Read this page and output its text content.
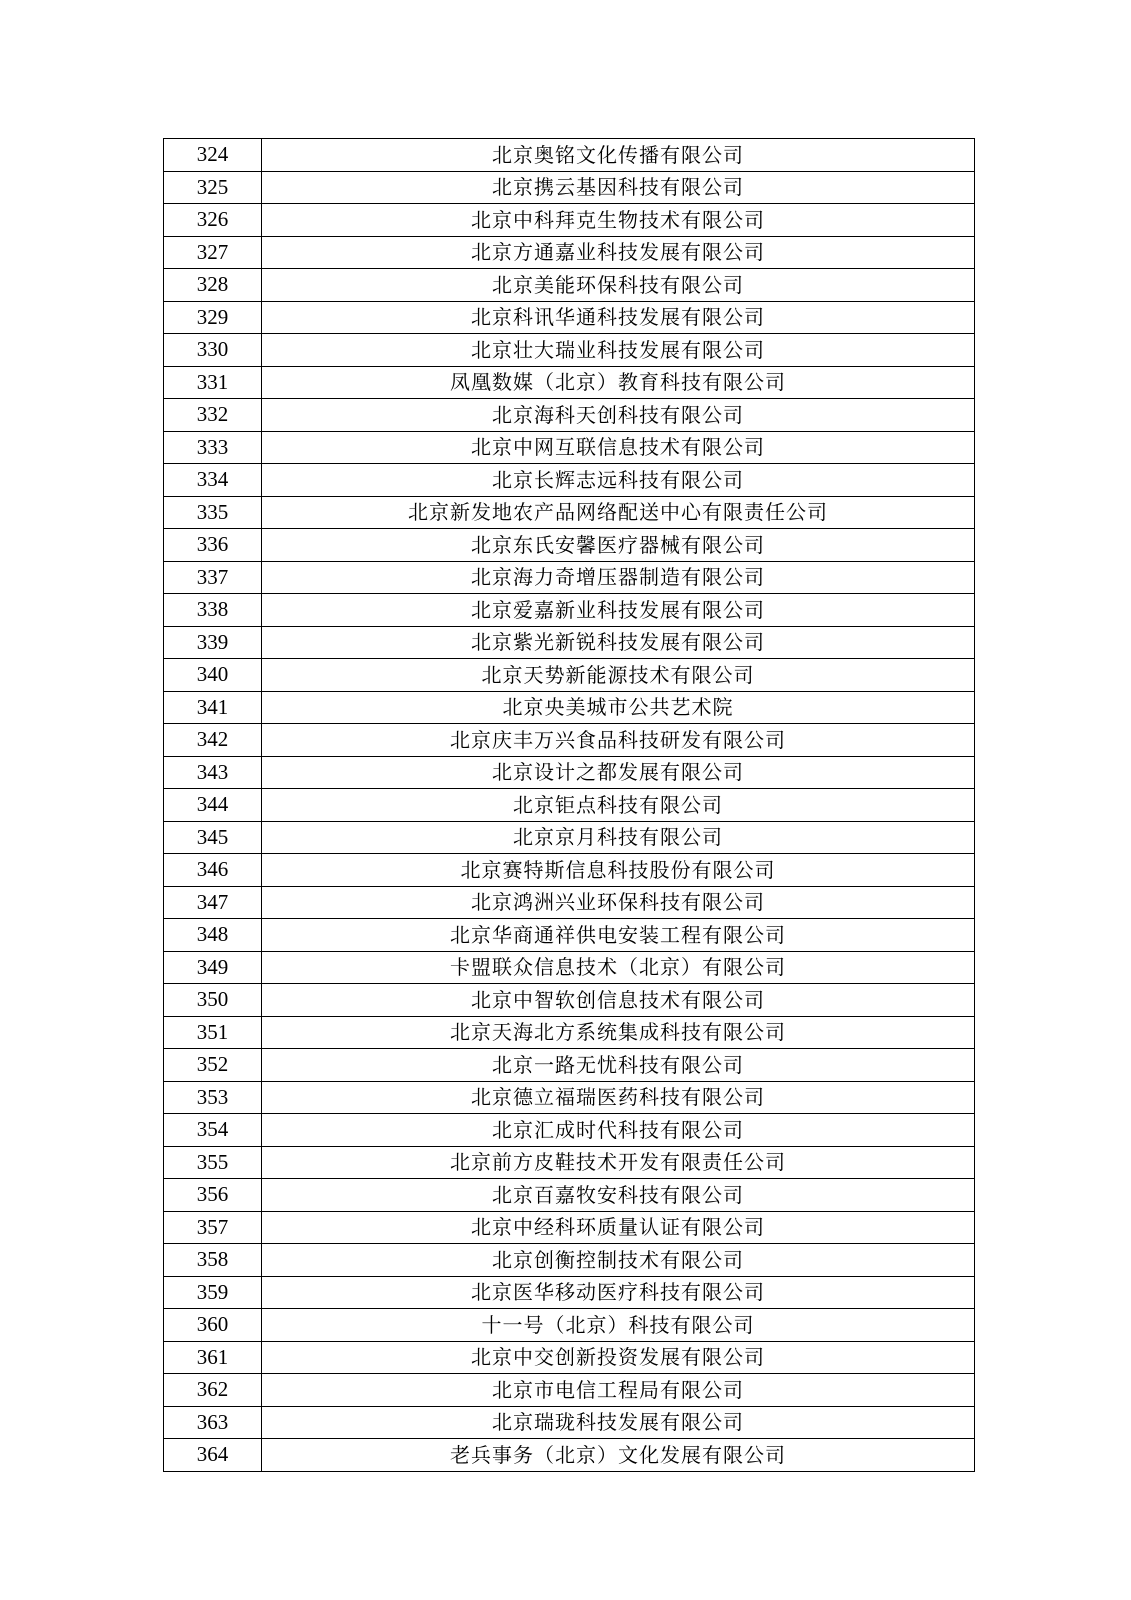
324	北京奥铭文化传播有限公司
325	北京携云基因科技有限公司
326	北京中科拜克生物技术有限公司
327	北京方通嘉业科技发展有限公司
328	北京美能环保科技有限公司
329	北京科讯华通科技发展有限公司
330	北京壮大瑞业科技发展有限公司
331	凤凰数媒（北京）教育科技有限公司
332	北京海科天创科技有限公司
333	北京中网互联信息技术有限公司
334	北京长辉志远科技有限公司
335	北京新发地农产品网络配送中心有限责任公司
336	北京东氏安馨医疗器械有限公司
337	北京海力奇增压器制造有限公司
338	北京爱嘉新业科技发展有限公司
339	北京紫光新锐科技发展有限公司
340	北京天势新能源技术有限公司
341	北京央美城市公共艺术院
342	北京庆丰万兴食品科技研发有限公司
343	北京设计之都发展有限公司
344	北京钜点科技有限公司
345	北京京月科技有限公司
346	北京赛特斯信息科技股份有限公司
347	北京鸿洲兴业环保科技有限公司
348	北京华商通祥供电安装工程有限公司
349	卡盟联众信息技术（北京）有限公司
350	北京中智软创信息技术有限公司
351	北京天海北方系统集成科技有限公司
352	北京一路无忧科技有限公司
353	北京德立福瑞医药科技有限公司
354	北京汇成时代科技有限公司
355	北京前方皮鞋技术开发有限责任公司
356	北京百嘉牧安科技有限公司
357	北京中经科环质量认证有限公司
358	北京创衡控制技术有限公司
359	北京医华移动医疗科技有限公司
360	十一号（北京）科技有限公司
361	北京中交创新投资发展有限公司
362	北京市电信工程局有限公司
363	北京瑞珑科技发展有限公司
364	老兵事务（北京）文化发展有限公司
